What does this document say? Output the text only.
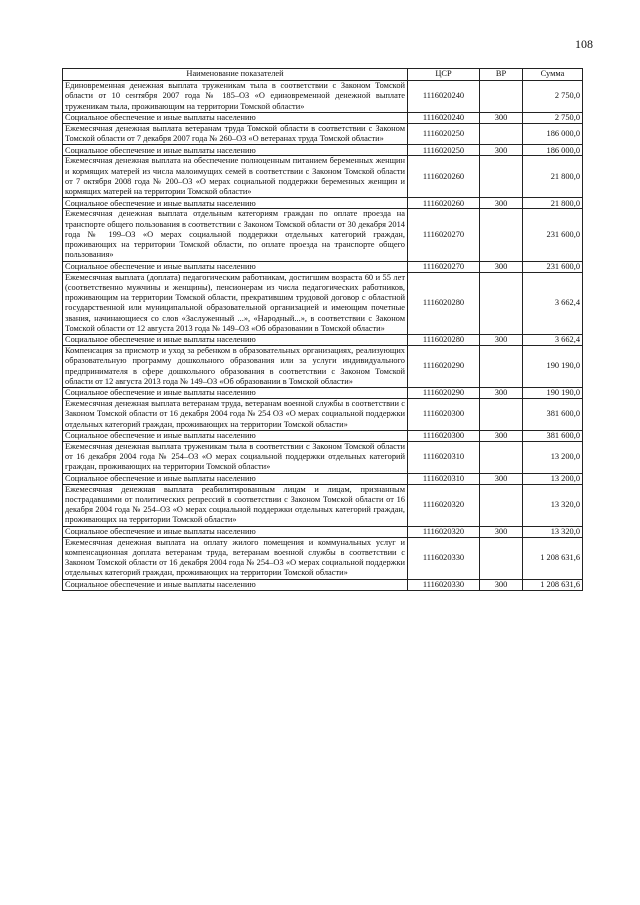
108
Наименование показателей	ЦСР	ВР	Сумма
Единовременная денежная выплата труженикам тыла в соответствии с Законом Томской области от 10 сентября 2007 года № 185–ОЗ «О единовременной денежной выплате труженикам тыла, проживающим на территории Томской области»	1116020240		2 750,0
Социальное обеспечение и иные выплаты населению	1116020240	300	2 750,0
Ежемесячная денежная выплата ветеранам труда Томской области в соответствии с Законом Томской области от 7 декабря 2007 года № 260–ОЗ «О ветеранах труда Томской области»	1116020250		186 000,0
Социальное обеспечение и иные выплаты населению	1116020250	300	186 000,0
Ежемесячная денежная выплата на обеспечение полноценным питанием беременных женщин и кормящих матерей из числа малоимущих семей в соответствии с Законом Томской области от 7 октября 2008 года № 200–ОЗ «О мерах социальной поддержки беременных женщин и кормящих матерей на территории Томской области»	1116020260		21 800,0
Социальное обеспечение и иные выплаты населению	1116020260	300	21 800,0
Ежемесячная денежная выплата отдельным категориям граждан по оплате проезда на транспорте общего пользования в соответствии с Законом Томской области от 30 декабря 2014 года № 199–ОЗ «О мерах социальной поддержки отдельных категорий граждан, проживающих на территории Томской области, по оплате проезда на транспорте общего пользования»	1116020270		231 600,0
Социальное обеспечение и иные выплаты населению	1116020270	300	231 600,0
Ежемесячная выплата (доплата) педагогическим работникам, достигшим возраста 60 и 55 лет (соответственно мужчины и женщины), пенсионерам из числа педагогических работников, проживающим на территории Томской области, прекратившим трудовой договор с областной государственной или муниципальной образовательной организацией и имеющим почетные звания, начинающиеся со слов «Заслуженный ...», «Народный...», в соответствии с Законом Томской области от 12 августа 2013 года № 149–ОЗ «Об образовании в Томской области»	1116020280		3 662,4
Социальное обеспечение и иные выплаты населению	1116020280	300	3 662,4
Компенсация за присмотр и уход за ребенком в образовательных организациях, реализующих образовательную программу дошкольного образования или за услуги индивидуального предпринимателя в сфере дошкольного образования в соответствии с Законом Томской области от 12 августа 2013 года № 149–ОЗ «Об образовании в Томской области»	1116020290		190 190,0
Социальное обеспечение и иные выплаты населению	1116020290	300	190 190,0
Ежемесячная денежная выплата ветеранам труда, ветеранам военной службы в соответствии с Законом Томской области от 16 декабря 2004 года № 254 ОЗ «О мерах социальной поддержки отдельных категорий граждан, проживающих на территории Томской области»	1116020300		381 600,0
Социальное обеспечение и иные выплаты населению	1116020300	300	381 600,0
Ежемесячная денежная выплата труженикам тыла в соответствии с Законом Томской области от 16 декабря 2004 года № 254–ОЗ «О мерах социальной поддержки отдельных категорий граждан, проживающих на территории Томской области»	1116020310		13 200,0
Социальное обеспечение и иные выплаты населению	1116020310	300	13 200,0
Ежемесячная денежная выплата реабилитированным лицам и лицам, признанным пострадавшими от политических репрессий в соответствии с Законом Томской области от 16 декабря 2004 года № 254–ОЗ «О мерах социальной поддержки отдельных категорий граждан, проживающих на территории Томской области»	1116020320		13 320,0
Социальное обеспечение и иные выплаты населению	1116020320	300	13 320,0
Ежемесячная денежная выплата на оплату жилого помещения и коммунальных услуг и компенсационная доплата ветеранам труда, ветеранам военной службы в соответствии с Законом Томской области от 16 декабря 2004 года № 254–ОЗ «О мерах социальной поддержки отдельных категорий граждан, проживающих на территории Томской области»	1116020330		1 208 631,6
Социальное обеспечение и иные выплаты населению	1116020330	300	1 208 631,6
